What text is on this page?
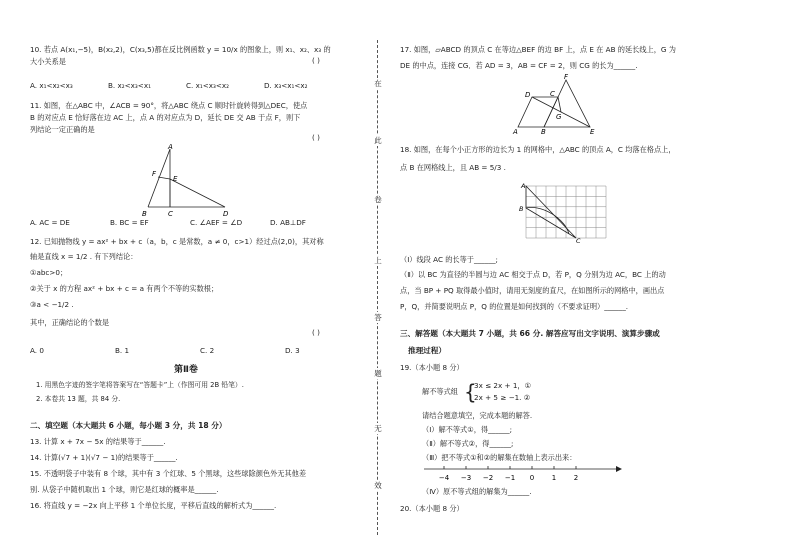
10. 若点 A(x₁,−5)，B(x₂,2)，C(x₃,5)都在反比例函数 y = 10/x 的图象上，则 x₁、x₂、x₃ 的
大小关系是	( )
A. x₁<x₂<x₃	B. x₂<x₃<x₁	C. x₁<x₃<x₂	D. x₃<x₁<x₂
11. 如图，在△ABC 中，∠ACB = 90°，将△ABC 绕点 C 顺时针旋转得到△DEC，使点
B 的对应点 E 恰好落在边 AC 上，点 A 的对应点为 D，延长 DE 交 AB 于点 F，则下
列结论一定正确的是
( )
A
F
E
B	C	D
A. AC = DE	B. BC = EF	C. ∠AEF = ∠D	D. AB⊥DF
12. 已知抛物线 y = ax² + bx + c（a，b，c 是常数，a ≠ 0，c>1）经过点(2,0)，其对称
轴是直线 x = 1/2 . 有下列结论：
①abc>0；
②关于 x 的方程 ax² + bx + c = a 有两个不等的实数根；
③a < −1/2 .
其中，正确结论的个数是
( )
A. 0	B. 1	C. 2	D. 3
第Ⅱ卷
1. 用黑色字迹的签字笔将答案写在“答题卡”上（作图可用 2B 铅笔）.
2. 本卷共 13 题，共 84 分.
二、填空题（本大题共 6 小题，每小题 3 分，共 18 分）
13. 计算 x + 7x − 5x 的结果等于______.
14. 计算(√7 + 1)(√7 − 1)的结果等于______.
15. 不透明袋子中装有 8 个球，其中有 3 个红球、5 个黑球，这些球除颜色外无其他差
别. 从袋子中随机取出 1 个球，则它是红球的概率是______.
16. 将直线 y = −2x 向上平移 1 个单位长度，平移后直线的解析式为______.
在
此
卷
上
答
题
无
效
17. 如图，▱ABCD 的顶点 C 在等边△BEF 的边 BF 上，点 E 在 AB 的延长线上，G 为
DE 的中点，连接 CG．若 AD = 3，AB = CF = 2，则 CG 的长为______.
F
D	C
G
A	B	E
18. 如图，在每个小正方形的边长为 1 的网格中，△ABC 的顶点 A，C 均落在格点上，
点 B 在网格线上，且 AB = 5/3 .
A
B
C
（Ⅰ）线段 AC 的长等于______;
（Ⅱ）以 BC 为直径的半圆与边 AC 相交于点 D，若 P，Q 分别为边 AC，BC 上的动
点，当 BP + PQ 取得最小值时，请用无刻度的直尺，在如图所示的网格中，画出点
P，Q，并简要说明点 P，Q 的位置是如何找到的（不要求证明）______.
三、解答题（本大题共 7 小题，共 66 分. 解答应写出文字说明、演算步骤或
推理过程）
19.（本小题 8 分）
解不等式组 {
3x ≤ 2x + 1，①
2x + 5 ≥ −1. ②
请结合题意填空，完成本题的解答.
（Ⅰ）解不等式①，得______;
（Ⅱ）解不等式②，得______;
（Ⅲ）把不等式①和②的解集在数轴上表示出来：
−4 −3 −2 −1 0	1	2
（Ⅳ）原不等式组的解集为______.
20.（本小题 8 分）
